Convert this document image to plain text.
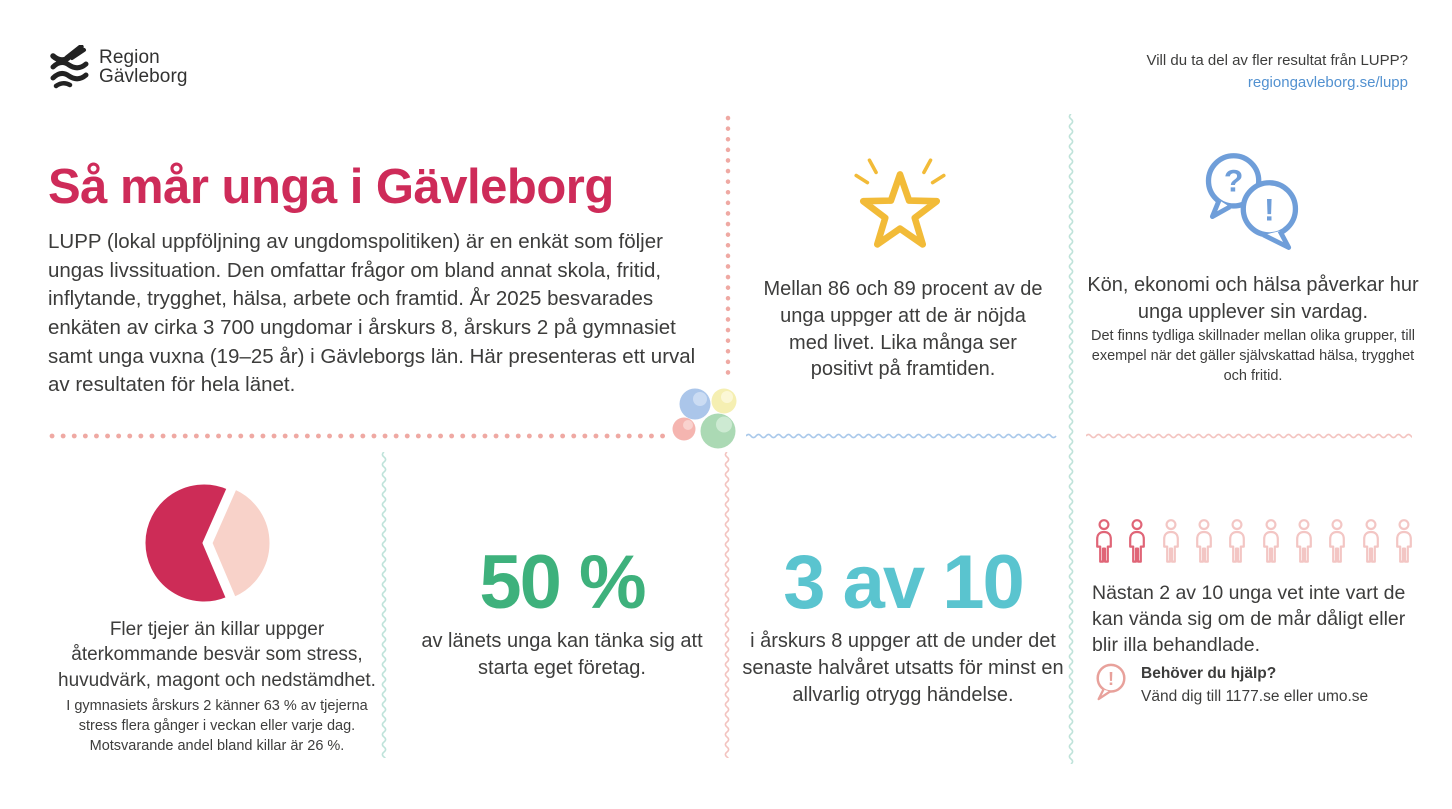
Region
Gävleborg
Vill du ta del av fler resultat från LUPP?
regiongavleborg.se/lupp
Så mår unga i Gävleborg
LUPP (lokal uppföljning av ungdomspolitiken) är en enkät som följer ungas livssituation. Den omfattar frågor om bland annat skola, fritid, inflytande, trygghet, hälsa, arbete och framtid. År 2025 besvarades enkäten av cirka 3 700 ungdomar i årskurs 8, årskurs 2 på gymnasiet samt unga vuxna (19–25 år) i Gävleborgs län. Här presenteras ett urval av resultaten för hela länet.
Mellan 86 och 89 procent av de unga uppger att de är nöjda med livet. Lika många ser positivt på framtiden.
?
!
Kön, ekonomi och hälsa påverkar hur unga upplever sin vardag.
Det finns tydliga skillnader mellan olika grupper, till exempel när det gäller självskattad hälsa, trygghet och fritid.
Fler tjejer än killar uppger återkommande besvär som stress, huvudvärk, magont och nedstämdhet.
I gymnasiets årskurs 2 känner 63 % av tjejerna stress flera gånger i veckan eller varje dag. Motsvarande andel bland killar är 26 %.
50 %
av länets unga kan tänka sig att starta eget företag.
3 av 10
i årskurs 8 uppger att de under det senaste halvåret utsatts för minst en allvarlig otrygg händelse.
Nästan 2 av 10 unga vet inte vart de kan vända sig om de mår dåligt eller blir illa behandlade.
! Behöver du hjälp?
Vänd dig till 1177.se eller umo.se
